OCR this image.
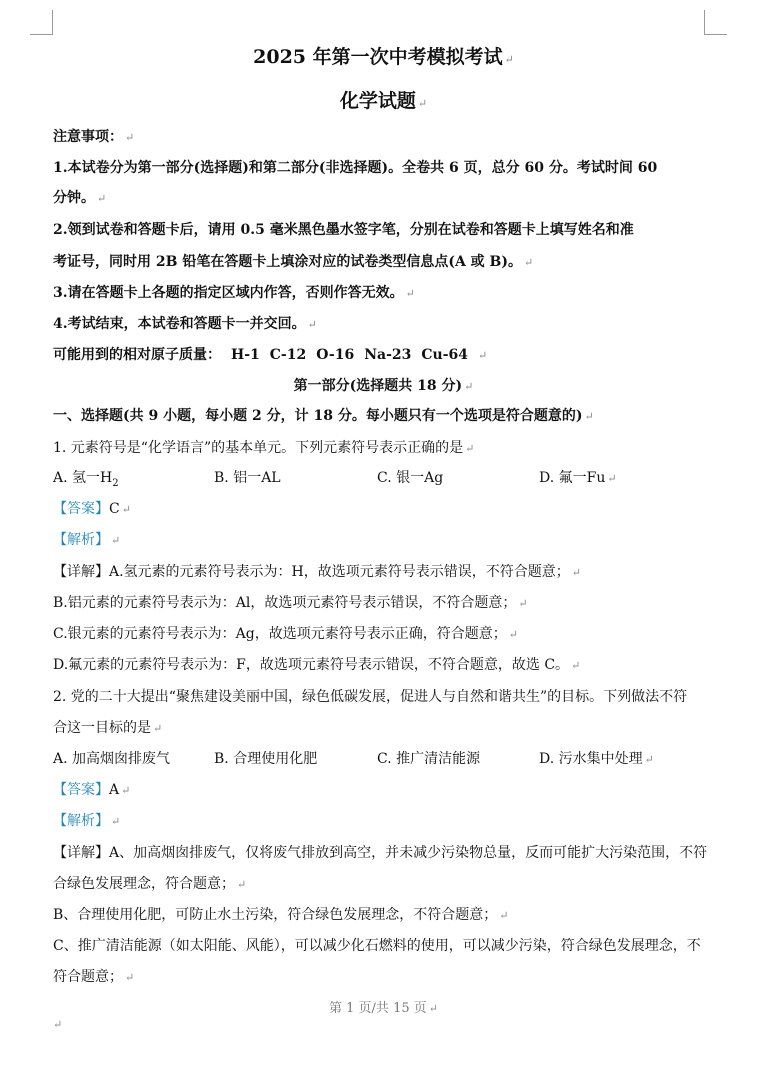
2025 年第一次中考模拟考试 ↵
化学试题 ↵
注意事项： ↵
1.本试卷分为第一部分(选择题)和第二部分(非选择题)。全卷共 6 页，总分 60 分。考试时间 60
分钟。 ↵
2.领到试卷和答题卡后，请用 0.5 毫米黑色墨水签字笔，分别在试卷和答题卡上填写姓名和准
考证号，同时用 2B 铅笔在答题卡上填涂对应的试卷类型信息点(A 或 B)。 ↵
3.请在答题卡上各题的指定区域内作答，否则作答无效。 ↵
4.考试结束，本试卷和答题卡一并交回。 ↵
可能用到的相对原子质量： H-1 C-12 O-16 Na-23 Cu-64 ↵
第一部分(选择题共 18 分) ↵
一、选择题(共 9 小题，每小题 2 分，计 18 分。每小题只有一个选项是符合题意的) ↵
1. 元素符号是“化学语言”的基本单元。下列元素符号表示正确的是 ↵
A. 氢一$H_2$	B. 铝一AL	C. 银一Ag	D. 氟一Fu ↵
【答案】C ↵
【解析】 ↵
【详解】A.氢元素的元素符号表示为：H，故选项元素符号表示错误，不符合题意； ↵
B.铝元素的元素符号表示为：Al，故选项元素符号表示错误，不符合题意； ↵
C.银元素的元素符号表示为：Ag，故选项元素符号表示正确，符合题意； ↵
D.氟元素的元素符号表示为：F，故选项元素符号表示错误，不符合题意，故选 C。 ↵
2. 党的二十大提出“聚焦建设美丽中国，绿色低碳发展，促进人与自然和谐共生”的目标。下列做法不符
合这一目标的是 ↵
A. 加高烟囱排废气	B. 合理使用化肥	C. 推广清洁能源	D. 污水集中处理 ↵
【答案】A ↵
【解析】 ↵
【详解】A、加高烟囱排废气，仅将废气排放到高空，并未减少污染物总量，反而可能扩大污染范围，不符
合绿色发展理念，符合题意； ↵
B、合理使用化肥，可防止水土污染，符合绿色发展理念，不符合题意； ↵
C、推广清洁能源（如太阳能、风能），可以减少化石燃料的使用，可以减少污染，符合绿色发展理念，不
符合题意； ↵
第 1 页/共 15 页 ↵
↵
